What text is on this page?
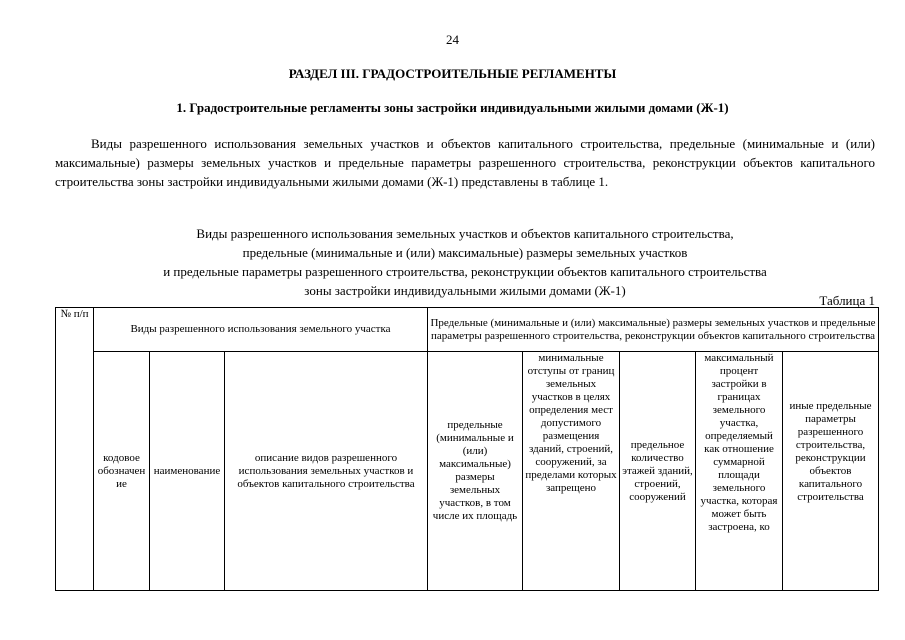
24
РАЗДЕЛ III. ГРАДОСТРОИТЕЛЬНЫЕ РЕГЛАМЕНТЫ
1. Градостроительные регламенты зоны застройки индивидуальными жилыми домами (Ж-1)

Виды разрешенного использования земельных участков и объектов капитального строительства, предельные (минимальные и (или) максимальные) размеры земельных участков и предельные параметры разрешенного строительства, реконструкции объектов капитального строительства зоны застройки индивидуальными жилыми домами (Ж-1) представлены в таблице 1.

Виды разрешенного использования земельных участков и объектов капитального строительства,
предельные (минимальные и (или) максимальные) размеры земельных участков
и предельные параметры разрешенного строительства, реконструкции объектов капитального строительства
зоны застройки индивидуальными жилыми домами (Ж-1)
Таблица 1
№ п/п	Виды разрешенного использования земельного участка			Предельные (минимальные и (или) максимальные) размеры земельных участков и предельные параметры разрешенного строительства, реконструкции объектов капитального строительства				
	кодовое обозначение	наименование	описание видов разрешенного использования земельных участков и объектов капитального строительства	предельные (минимальные и (или) максимальные) размеры земельных участков, в том числе их площадь	минимальные отступы от границ земельных участков в целях определения мест допустимого размещения зданий, строений, сооружений, за пределами которых запрещено	предельное количество этажей зданий, строений, сооружений	максимальный процент застройки в границах земельного участка, определяемый как отношение суммарной площади земельного участка, которая может быть застроена, ко	иные предельные параметры разрешенного строительства, реконструкции объектов капитального строительства
